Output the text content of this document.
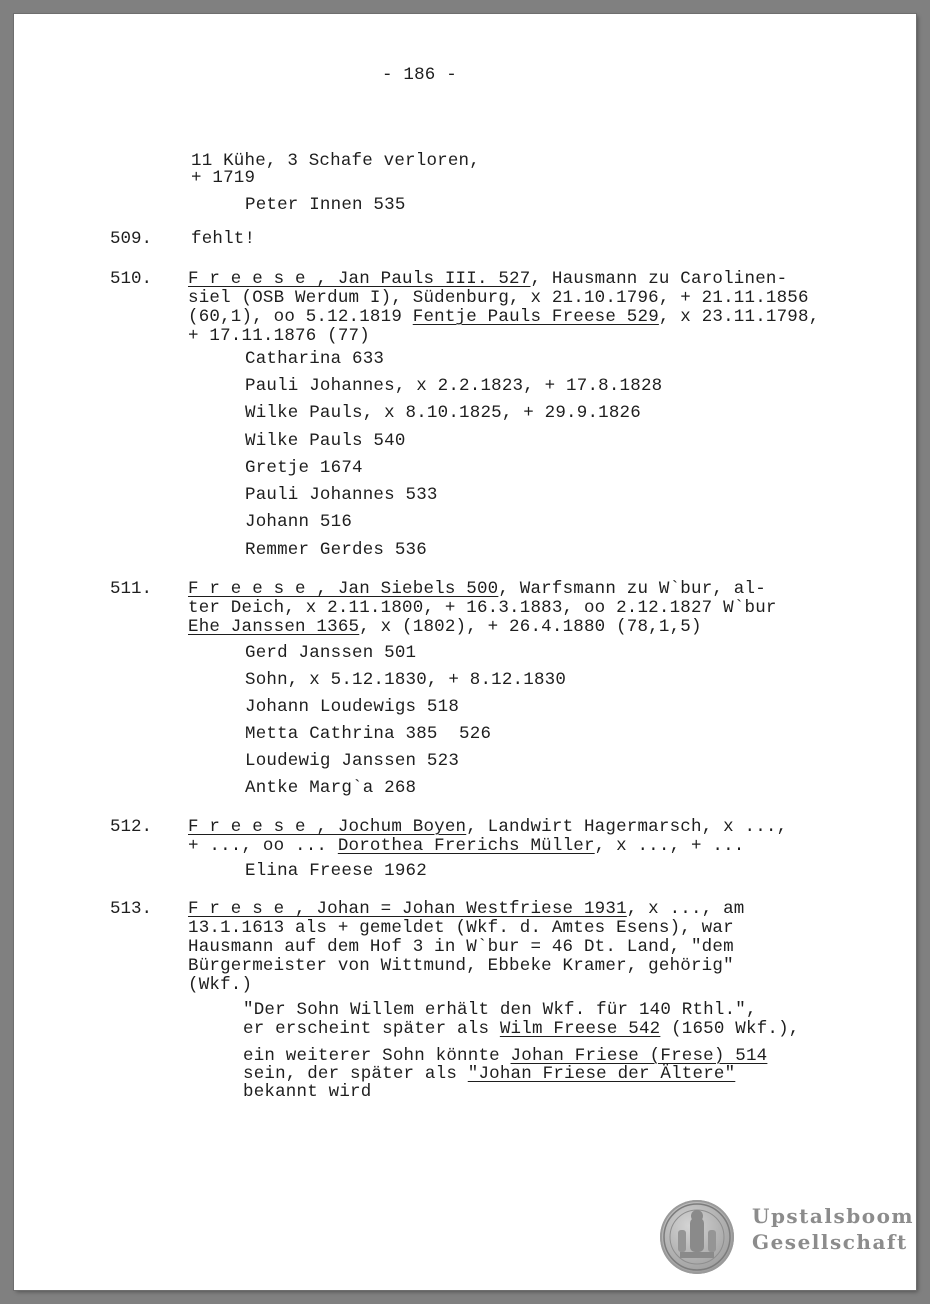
- 186 -
11 Kühe, 3 Schafe verloren,
+ 1719
Peter Innen 535
509. fehlt!
510. F r e e s e , Jan Pauls III. 527, Hausmann zu Carolinen-
siel (OSB Werdum I), Südenburg, x 21.10.1796, + 21.11.1856
(60,1), oo 5.12.1819 Fentje Pauls Freese 529, x 23.11.1798,
+ 17.11.1876 (77)
Catharina 633
Pauli Johannes, x 2.2.1823, + 17.8.1828
Wilke Pauls, x 8.10.1825, + 29.9.1826
Wilke Pauls 540
Gretje 1674
Pauli Johannes 533
Johann 516
Remmer Gerdes 536
511. F r e e s e , Jan Siebels 500, Warfsmann zu W`bur, al-
ter Deich, x 2.11.1800, + 16.3.1883, oo 2.12.1827 W`bur
Ehe Janssen 1365, x (1802), + 26.4.1880 (78,1,5)
Gerd Janssen 501
Sohn, x 5.12.1830, + 8.12.1830
Johann Loudewigs 518
Metta Cathrina 385  526
Loudewig Janssen 523
Antke Marg`a 268
512. F r e e s e , Jochum Boyen, Landwirt Hagermarsch, x ...,
+ ..., oo ... Dorothea Frerichs Müller, x ..., + ...
Elina Freese 1962
513. F r e s e , Johan = Johan Westfriese 1931, x ..., am
13.1.1613 als + gemeldet (Wkf. d. Amtes Esens), war
Hausmann auf dem Hof 3 in W`bur = 46 Dt. Land, "dem
Bürgermeister von Wittmund, Ebbeke Kramer, gehörig"
(Wkf.)
"Der Sohn Willem erhält den Wkf. für 140 Rthl.",
er erscheint später als Wilm Freese 542 (1650 Wkf.),
ein weiterer Sohn könnte Johan Friese (Frese) 514
sein, der später als "Johan Friese der Ältere"
bekannt wird
Upstalsboom
Gesellschaft
